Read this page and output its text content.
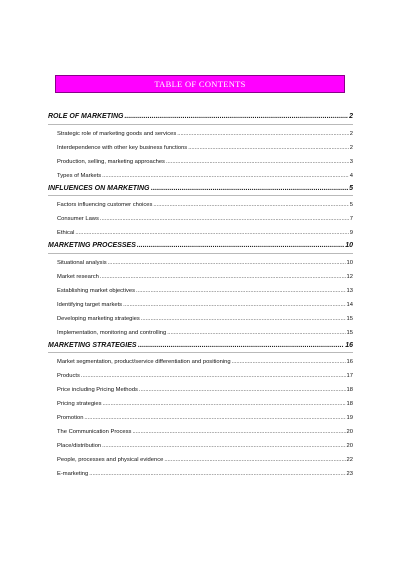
TABLE OF CONTENTS
ROLE OF MARKETING .....	2
Strategic role of marketing goods and services .....	2
Interdependence with other key business functions .....	2
Production, selling, marketing approaches .....	3
Types of Markets .....	4
INFLUENCES ON MARKETING .....	5
Factors influencing customer choices .....	5
Consumer Laws .....	7
Ethical .....	9
MARKETING PROCESSES .....	10
Situational analysis .....	10
Market research .....	12
Establishing market objectives .....	13
Identifying target markets .....	14
Developing marketing strategies .....	15
Implementation, monitoring and controlling .....	15
MARKETING STRATEGIES .....	16
Market segmentation, product/service differentiation and positioning .....	16
Products .....	17
Price including Pricing Methods .....	18
Pricing strategies .....	18
Promotion .....	19
The Communication Process .....	20
Place/distribution .....	20
People, processes and physical evidence .....	22
E-marketing .....	23
